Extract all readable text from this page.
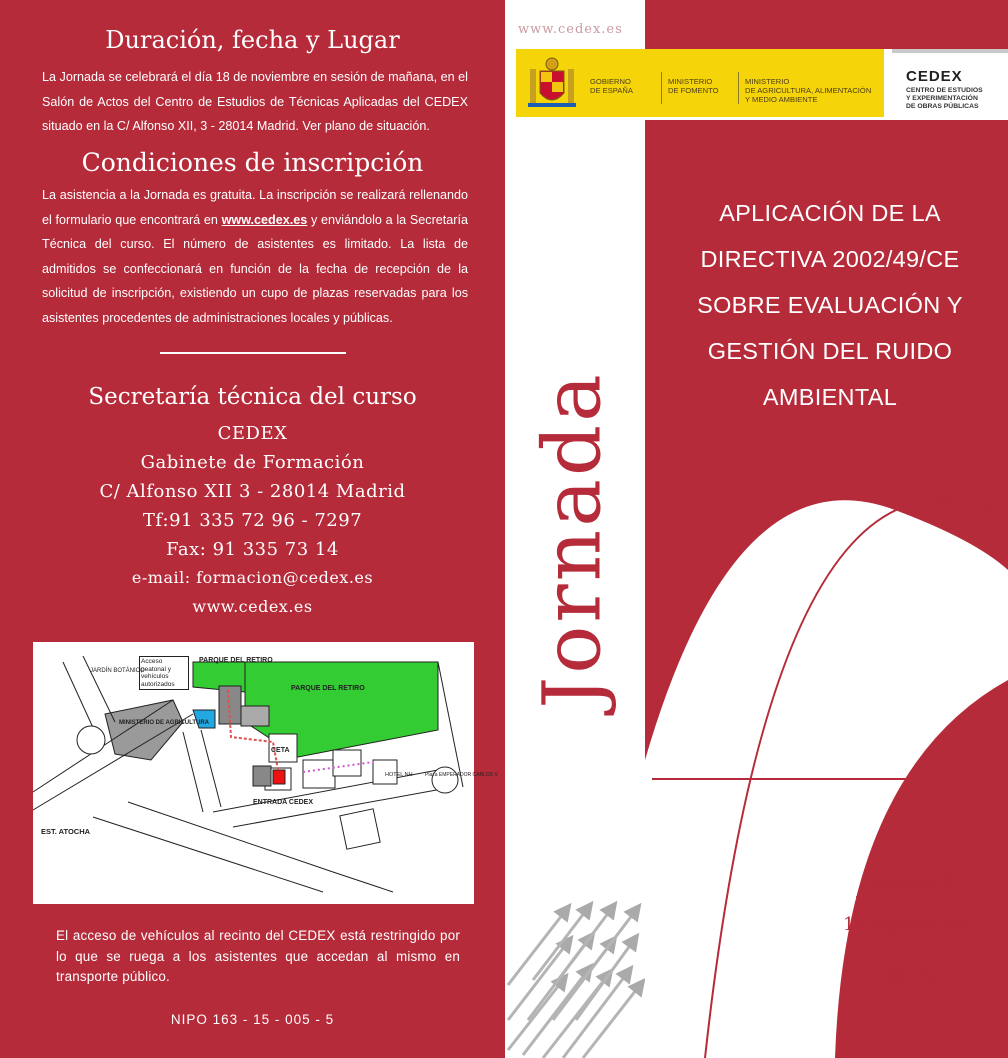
Duración, fecha y Lugar
La Jornada se celebrará el día 18 de noviembre en sesión de mañana, en el Salón de Actos del Centro de Estudios de Técnicas Aplicadas del CEDEX situado en la C/ Alfonso XII, 3 - 28014 Madrid. Ver plano de situación.
Condiciones de inscripción
La asistencia a la Jornada es gratuita. La inscripción se realizará rellenando el formulario que encontrará en www.cedex.es y enviándolo a la Secretaría Técnica del curso. El número de asistentes es limitado. La lista de admitidos se confeccionará en función de la fecha de recepción de la solicitud de inscripción, existiendo un cupo de plazas reservadas para los asistentes procedentes de administraciones locales y públicas.
Secretaría técnica del curso
CEDEX
Gabinete de Formación
C/ Alfonso XII 3 - 28014 Madrid
Tf:91 335 72 96 - 7297
Fax: 91 335 73 14
e-mail: formacion@cedex.es
www.cedex.es
JARDÍN BOTÁNICO
Acceso peatonal y vehículos autorizados
PARQUE DEL RETIRO
PARQUE DEL RETIRO
MINISTERIO DE AGRICULTURA
CETA
ENTRADA CEDEX
EST. ATOCHA
HOTEL NH Plaza EMPERADOR CARLOS V
El acceso de vehículos al recinto del CEDEX está restringido por lo que se ruega a los asistentes que accedan al mismo en transporte público.
NIPO 163 - 15 - 005 - 5
www.cedex.es
Jornada
GOBIERNO
DE ESPAÑA
MINISTERIO
DE FOMENTO
MINISTERIO
DE AGRICULTURA, ALIMENTACIÓN
Y MEDIO AMBIENTE
CEDEX
CENTRO DE ESTUDIOS
Y EXPERIMENTACIÓN
DE OBRAS PÚBLICAS
APLICACIÓN DE LA
DIRECTIVA 2002/49/CE
SOBRE EVALUACIÓN Y
GESTIÓN DEL RUIDO
AMBIENTAL
Madrid
18 Noviembre
2015
